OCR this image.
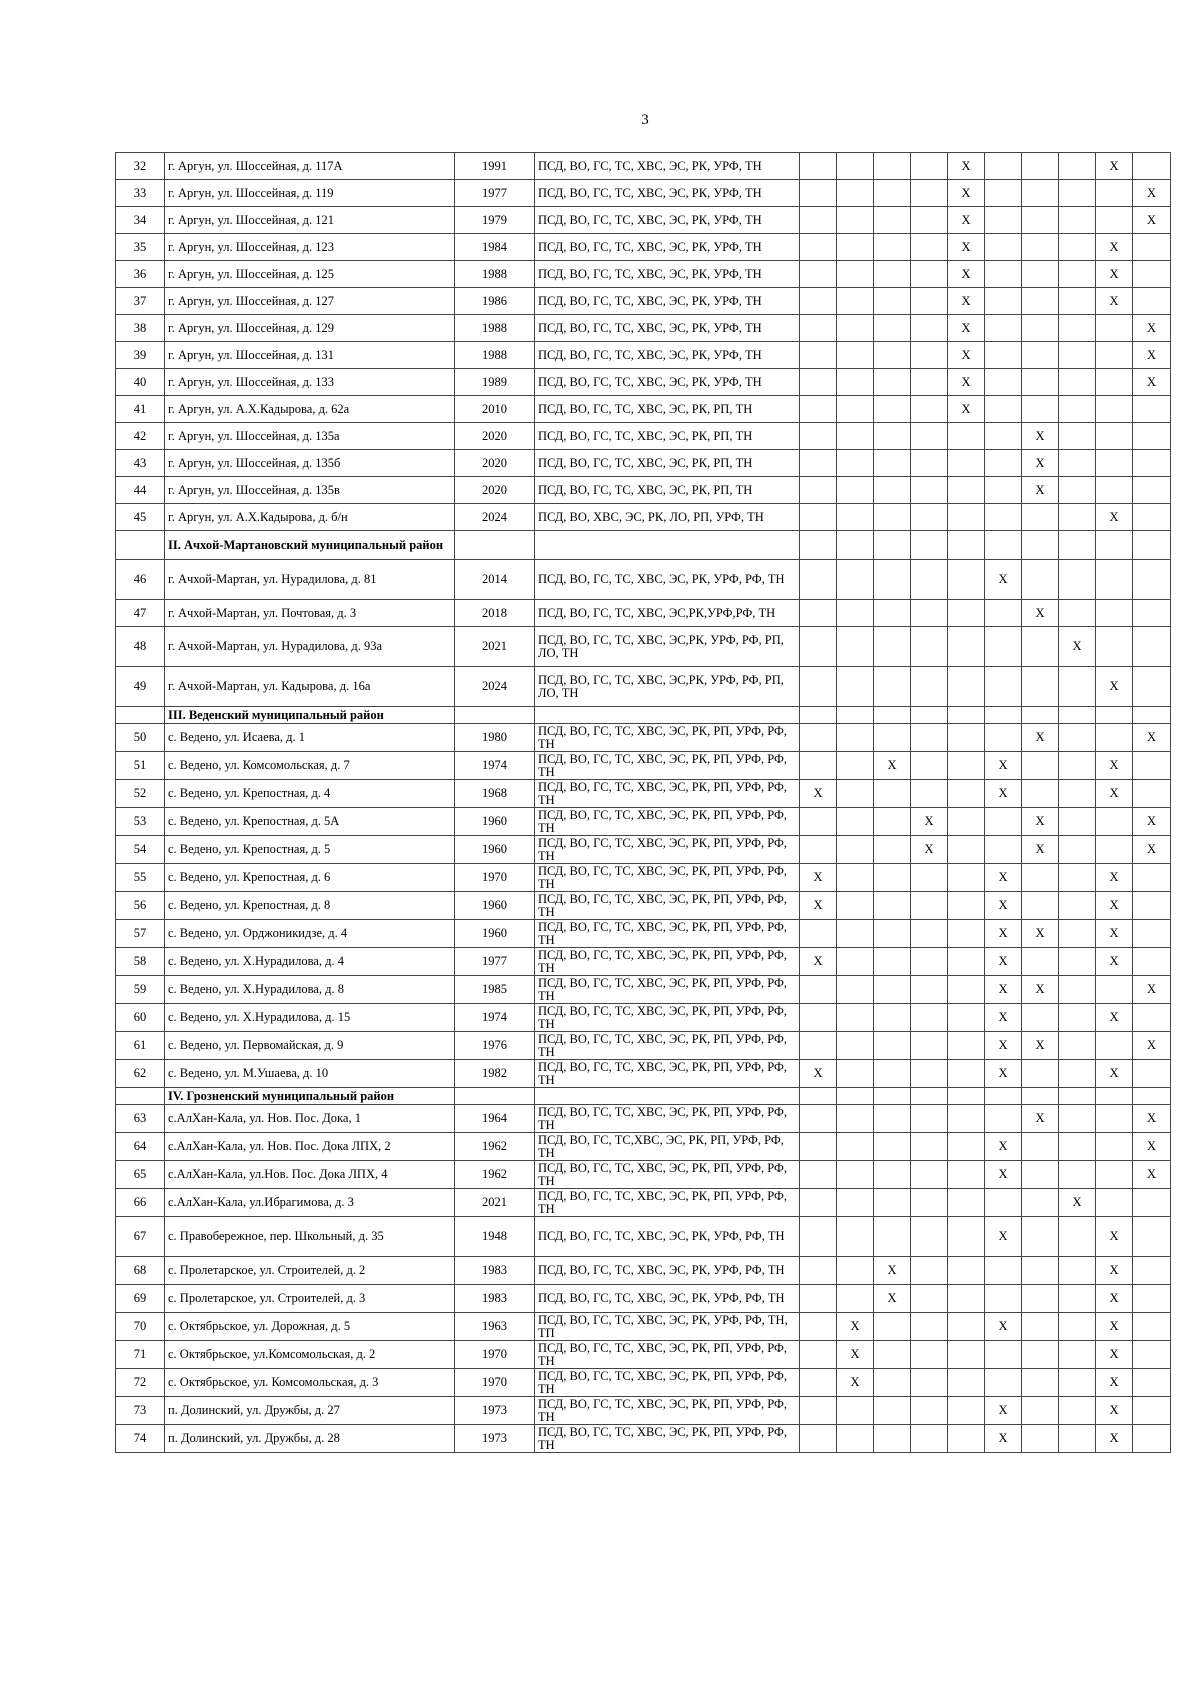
3
32	г. Аргун, ул. Шоссейная, д. 117А	1991	ПСД, ВО, ГС, ТС, ХВС, ЭС, РК, УРФ, ТН					X				X	
33	г. Аргун, ул. Шоссейная, д. 119	1977	ПСД, ВО, ГС, ТС, ХВС, ЭС, РК, УРФ, ТН					X					X
34	г. Аргун, ул. Шоссейная, д. 121	1979	ПСД, ВО, ГС, ТС, ХВС, ЭС, РК, УРФ, ТН					X					X
35	г. Аргун, ул. Шоссейная, д. 123	1984	ПСД, ВО, ГС, ТС, ХВС, ЭС, РК, УРФ, ТН					X				X	
36	г. Аргун, ул. Шоссейная, д. 125	1988	ПСД, ВО, ГС, ТС, ХВС, ЭС, РК, УРФ, ТН					X				X	
37	г. Аргун, ул. Шоссейная, д. 127	1986	ПСД, ВО, ГС, ТС, ХВС, ЭС, РК, УРФ, ТН					X				X	
38	г. Аргун, ул. Шоссейная, д. 129	1988	ПСД, ВО, ГС, ТС, ХВС, ЭС, РК, УРФ, ТН					X					X
39	г. Аргун, ул. Шоссейная, д. 131	1988	ПСД, ВО, ГС, ТС, ХВС, ЭС, РК, УРФ, ТН					X					X
40	г. Аргун, ул. Шоссейная, д. 133	1989	ПСД, ВО, ГС, ТС, ХВС, ЭС, РК, УРФ, ТН					X					X
41	г. Аргун, ул. А.Х.Кадырова, д. 62а	2010	ПСД, ВО, ГС, ТС, ХВС, ЭС, РК, РП, ТН					X					
42	г. Аргун, ул. Шоссейная, д. 135а	2020	ПСД, ВО, ГС, ТС, ХВС, ЭС, РК, РП, ТН							X			
43	г. Аргун, ул. Шоссейная, д. 135б	2020	ПСД, ВО, ГС, ТС, ХВС, ЭС, РК, РП, ТН							X			
44	г. Аргун, ул. Шоссейная, д. 135в	2020	ПСД, ВО, ГС, ТС, ХВС, ЭС, РК, РП, ТН							X			
45	г. Аргун, ул. А.Х.Кадырова, д. б/н	2024	ПСД, ВО, ХВС, ЭС, РК, ЛО, РП, УРФ, ТН									X	
	II. Ачхой-Мартановский муниципальный район												
46	г. Ачхой-Мартан, ул. Нурадилова, д. 81	2014	ПСД, ВО, ГС, ТС, ХВС, ЭС, РК, УРФ, РФ, ТН						X				
47	г. Ачхой-Мартан, ул. Почтовая, д. 3	2018	ПСД, ВО, ГС, ТС, ХВС, ЭС,РК,УРФ,РФ, ТН							X			
48	г. Ачхой-Мартан, ул. Нурадилова, д. 93а	2021	ПСД, ВО, ГС, ТС, ХВС, ЭС,РК, УРФ, РФ, РП, ЛО, ТН								X		
49	г. Ачхой-Мартан, ул. Кадырова, д. 16а	2024	ПСД, ВО, ГС, ТС, ХВС, ЭС,РК, УРФ, РФ, РП, ЛО, ТН									X	
	III. Веденский муниципальный район												
50	с. Ведено, ул. Исаева, д. 1	1980	ПСД, ВО, ГС, ТС, ХВС, ЭС, РК, РП, УРФ, РФ, ТН							X			X
51	с. Ведено, ул. Комсомольская, д. 7	1974	ПСД, ВО, ГС, ТС, ХВС, ЭС, РК, РП, УРФ, РФ, ТН			X			X			X	
52	с. Ведено, ул. Крепостная, д. 4	1968	ПСД, ВО, ГС, ТС, ХВС, ЭС, РК, РП, УРФ, РФ, ТН	X					X			X	
53	с. Ведено, ул. Крепостная, д. 5А	1960	ПСД, ВО, ГС, ТС, ХВС, ЭС, РК, РП, УРФ, РФ, ТН				X			X			X
54	с. Ведено, ул. Крепостная, д. 5	1960	ПСД, ВО, ГС, ТС, ХВС, ЭС, РК, РП, УРФ, РФ, ТН				X			X			X
55	с. Ведено, ул. Крепостная, д. 6	1970	ПСД, ВО, ГС, ТС, ХВС, ЭС, РК, РП, УРФ, РФ, ТН	X					X			X	
56	с. Ведено, ул. Крепостная, д. 8	1960	ПСД, ВО, ГС, ТС, ХВС, ЭС, РК, РП, УРФ, РФ, ТН	X					X			X	
57	с. Ведено, ул. Орджоникидзе, д. 4	1960	ПСД, ВО, ГС, ТС, ХВС, ЭС, РК, РП, УРФ, РФ, ТН						X	X		X	
58	с. Ведено, ул. Х.Нурадилова, д. 4	1977	ПСД, ВО, ГС, ТС, ХВС, ЭС, РК, РП, УРФ, РФ, ТН	X					X			X	
59	с. Ведено, ул. Х.Нурадилова, д. 8	1985	ПСД, ВО, ГС, ТС, ХВС, ЭС, РК, РП, УРФ, РФ, ТН						X	X			X
60	с. Ведено, ул. Х.Нурадилова, д. 15	1974	ПСД, ВО, ГС, ТС, ХВС, ЭС, РК, РП, УРФ, РФ, ТН						X			X	
61	с. Ведено, ул. Первомайская, д. 9	1976	ПСД, ВО, ГС, ТС, ХВС, ЭС, РК, РП, УРФ, РФ, ТН						X	X			X
62	с. Ведено, ул. М.Ушаева, д. 10	1982	ПСД, ВО, ГС, ТС, ХВС, ЭС, РК, РП, УРФ, РФ, ТН	X					X			X	
	IV. Грозненский муниципальный район												
63	с.АлХан-Кала, ул. Нов. Пос. Дока, 1	1964	ПСД, ВО, ГС, ТС, ХВС, ЭС, РК, РП, УРФ, РФ, ТН							X			X
64	с.АлХан-Кала, ул. Нов. Пос. Дока ЛПХ, 2	1962	ПСД, ВО, ГС, ТС,ХВС, ЭС, РК, РП, УРФ, РФ, ТН						X				X
65	с.АлХан-Кала, ул.Нов. Пос. Дока ЛПХ, 4	1962	ПСД, ВО, ГС, ТС, ХВС, ЭС, РК, РП, УРФ, РФ, ТН						X				X
66	с.АлХан-Кала, ул.Ибрагимова, д. 3	2021	ПСД, ВО, ГС, ТС, ХВС, ЭС, РК, РП, УРФ, РФ, ТН								X		
67	с. Правобережное, пер. Школьный, д. 35	1948	ПСД, ВО, ГС, ТС, ХВС, ЭС, РК, УРФ, РФ, ТН						X			X	
68	с. Пролетарское, ул. Строителей, д. 2	1983	ПСД, ВО, ГС, ТС, ХВС, ЭС, РК, УРФ, РФ, ТН			X						X	
69	с. Пролетарское, ул. Строителей, д. 3	1983	ПСД, ВО, ГС, ТС, ХВС, ЭС, РК, УРФ, РФ, ТН			X						X	
70	с. Октябрьское, ул. Дорожная, д. 5	1963	ПСД, ВО, ГС, ТС, ХВС, ЭС, РК, УРФ, РФ, ТН, ТП		X				X			X	
71	с. Октябрьское, ул.Комсомольская, д. 2	1970	ПСД, ВО, ГС, ТС, ХВС, ЭС, РК, РП, УРФ, РФ, ТН		X							X	
72	с. Октябрьское, ул. Комсомольская, д. 3	1970	ПСД, ВО, ГС, ТС, ХВС, ЭС, РК, РП, УРФ, РФ, ТН		X							X	
73	п. Долинский, ул. Дружбы, д. 27	1973	ПСД, ВО, ГС, ТС, ХВС, ЭС, РК, РП, УРФ, РФ, ТН						X			X	
74	п. Долинский, ул. Дружбы, д. 28	1973	ПСД, ВО, ГС, ТС, ХВС, ЭС, РК, РП, УРФ, РФ, ТН						X			X	
